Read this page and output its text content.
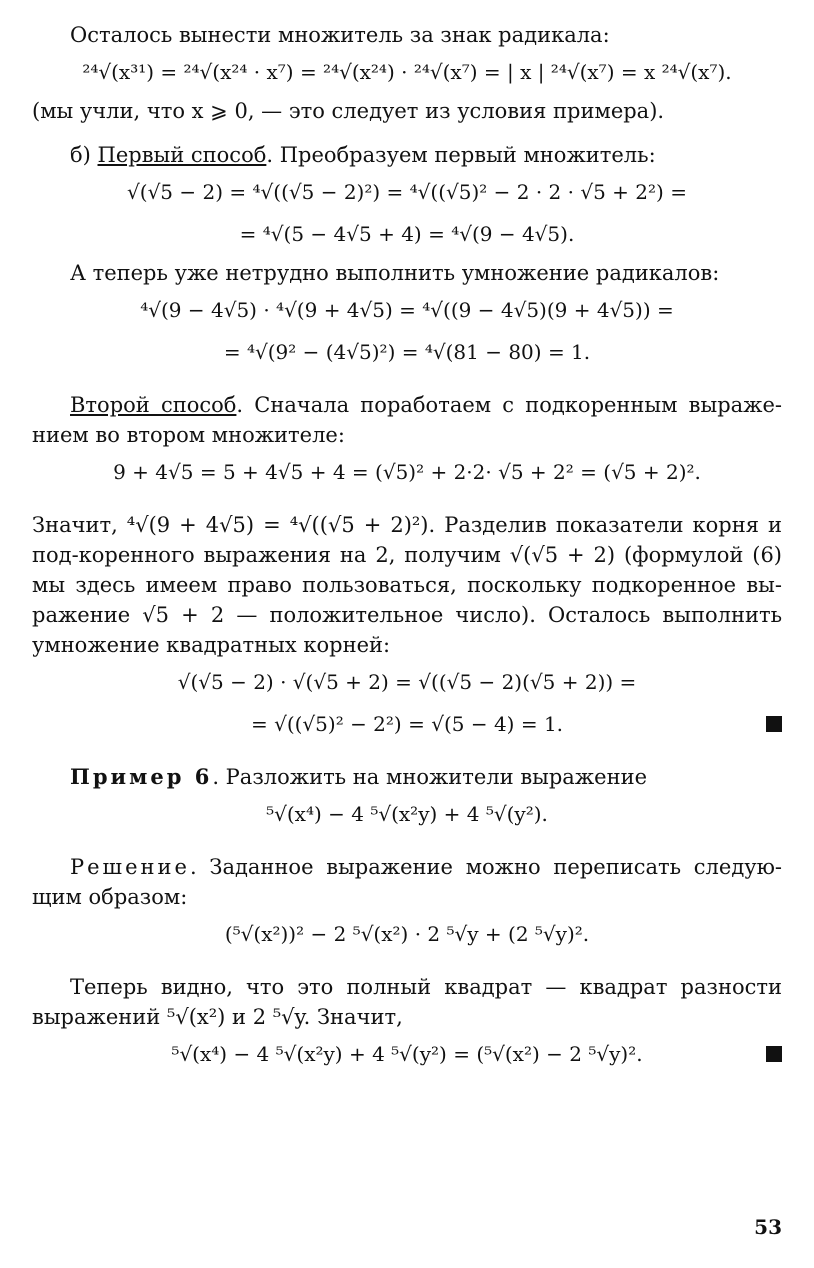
Осталось вынести множитель за знак радикала:

²⁴√(x³¹) = ²⁴√(x²⁴ · x⁷) = ²⁴√(x²⁴) · ²⁴√(x⁷) = | x | ²⁴√(x⁷) = x ²⁴√(x⁷).

(мы учли, что x ⩾ 0, — это следует из условия примера).

б) Первый способ. Преобразуем первый множитель:

√(√5 − 2) = ⁴√((√5 − 2)²) = ⁴√((√5)² − 2 · 2 · √5 + 2²) =
= ⁴√(5 − 4√5 + 4) = ⁴√(9 − 4√5).

А теперь уже нетрудно выполнить умножение радикалов:

⁴√(9 − 4√5) · ⁴√(9 + 4√5) = ⁴√((9 − 4√5)(9 + 4√5)) =
= ⁴√(9² − (4√5)²) = ⁴√(81 − 80) = 1.

Второй способ. Сначала поработаем с подкоренным выраже-нием во втором множителе:

9 + 4√5 = 5 + 4√5 + 4 = (√5)² + 2·2· √5 + 2² = (√5 + 2)².

Значит, ⁴√(9 + 4√5) = ⁴√((√5 + 2)²). Разделив показатели корня и под-коренного выражения на 2, получим √(√5 + 2) (формулой (6) мы здесь имеем право пользоваться, поскольку подкоренное вы-ражение √5 + 2 — положительное число). Осталось выполнить умножение квадратных корней:

√(√5 − 2) · √(√5 + 2) = √((√5 − 2)(√5 + 2)) =
= √((√5)² − 2²) = √(5 − 4) = 1.

Пример 6. Разложить на множители выражение

⁵√(x⁴) − 4 ⁵√(x²y) + 4 ⁵√(y²).

Решение. Заданное выражение можно переписать следую-щим образом:

(⁵√(x²))² − 2 ⁵√(x²) · 2 ⁵√y + (2 ⁵√y)².

Теперь видно, что это полный квадрат — квадрат разности выражений ⁵√(x²) и 2 ⁵√y. Значит,

⁵√(x⁴) − 4 ⁵√(x²y) + 4 ⁵√(y²) = (⁵√(x²) − 2 ⁵√y)².
53
